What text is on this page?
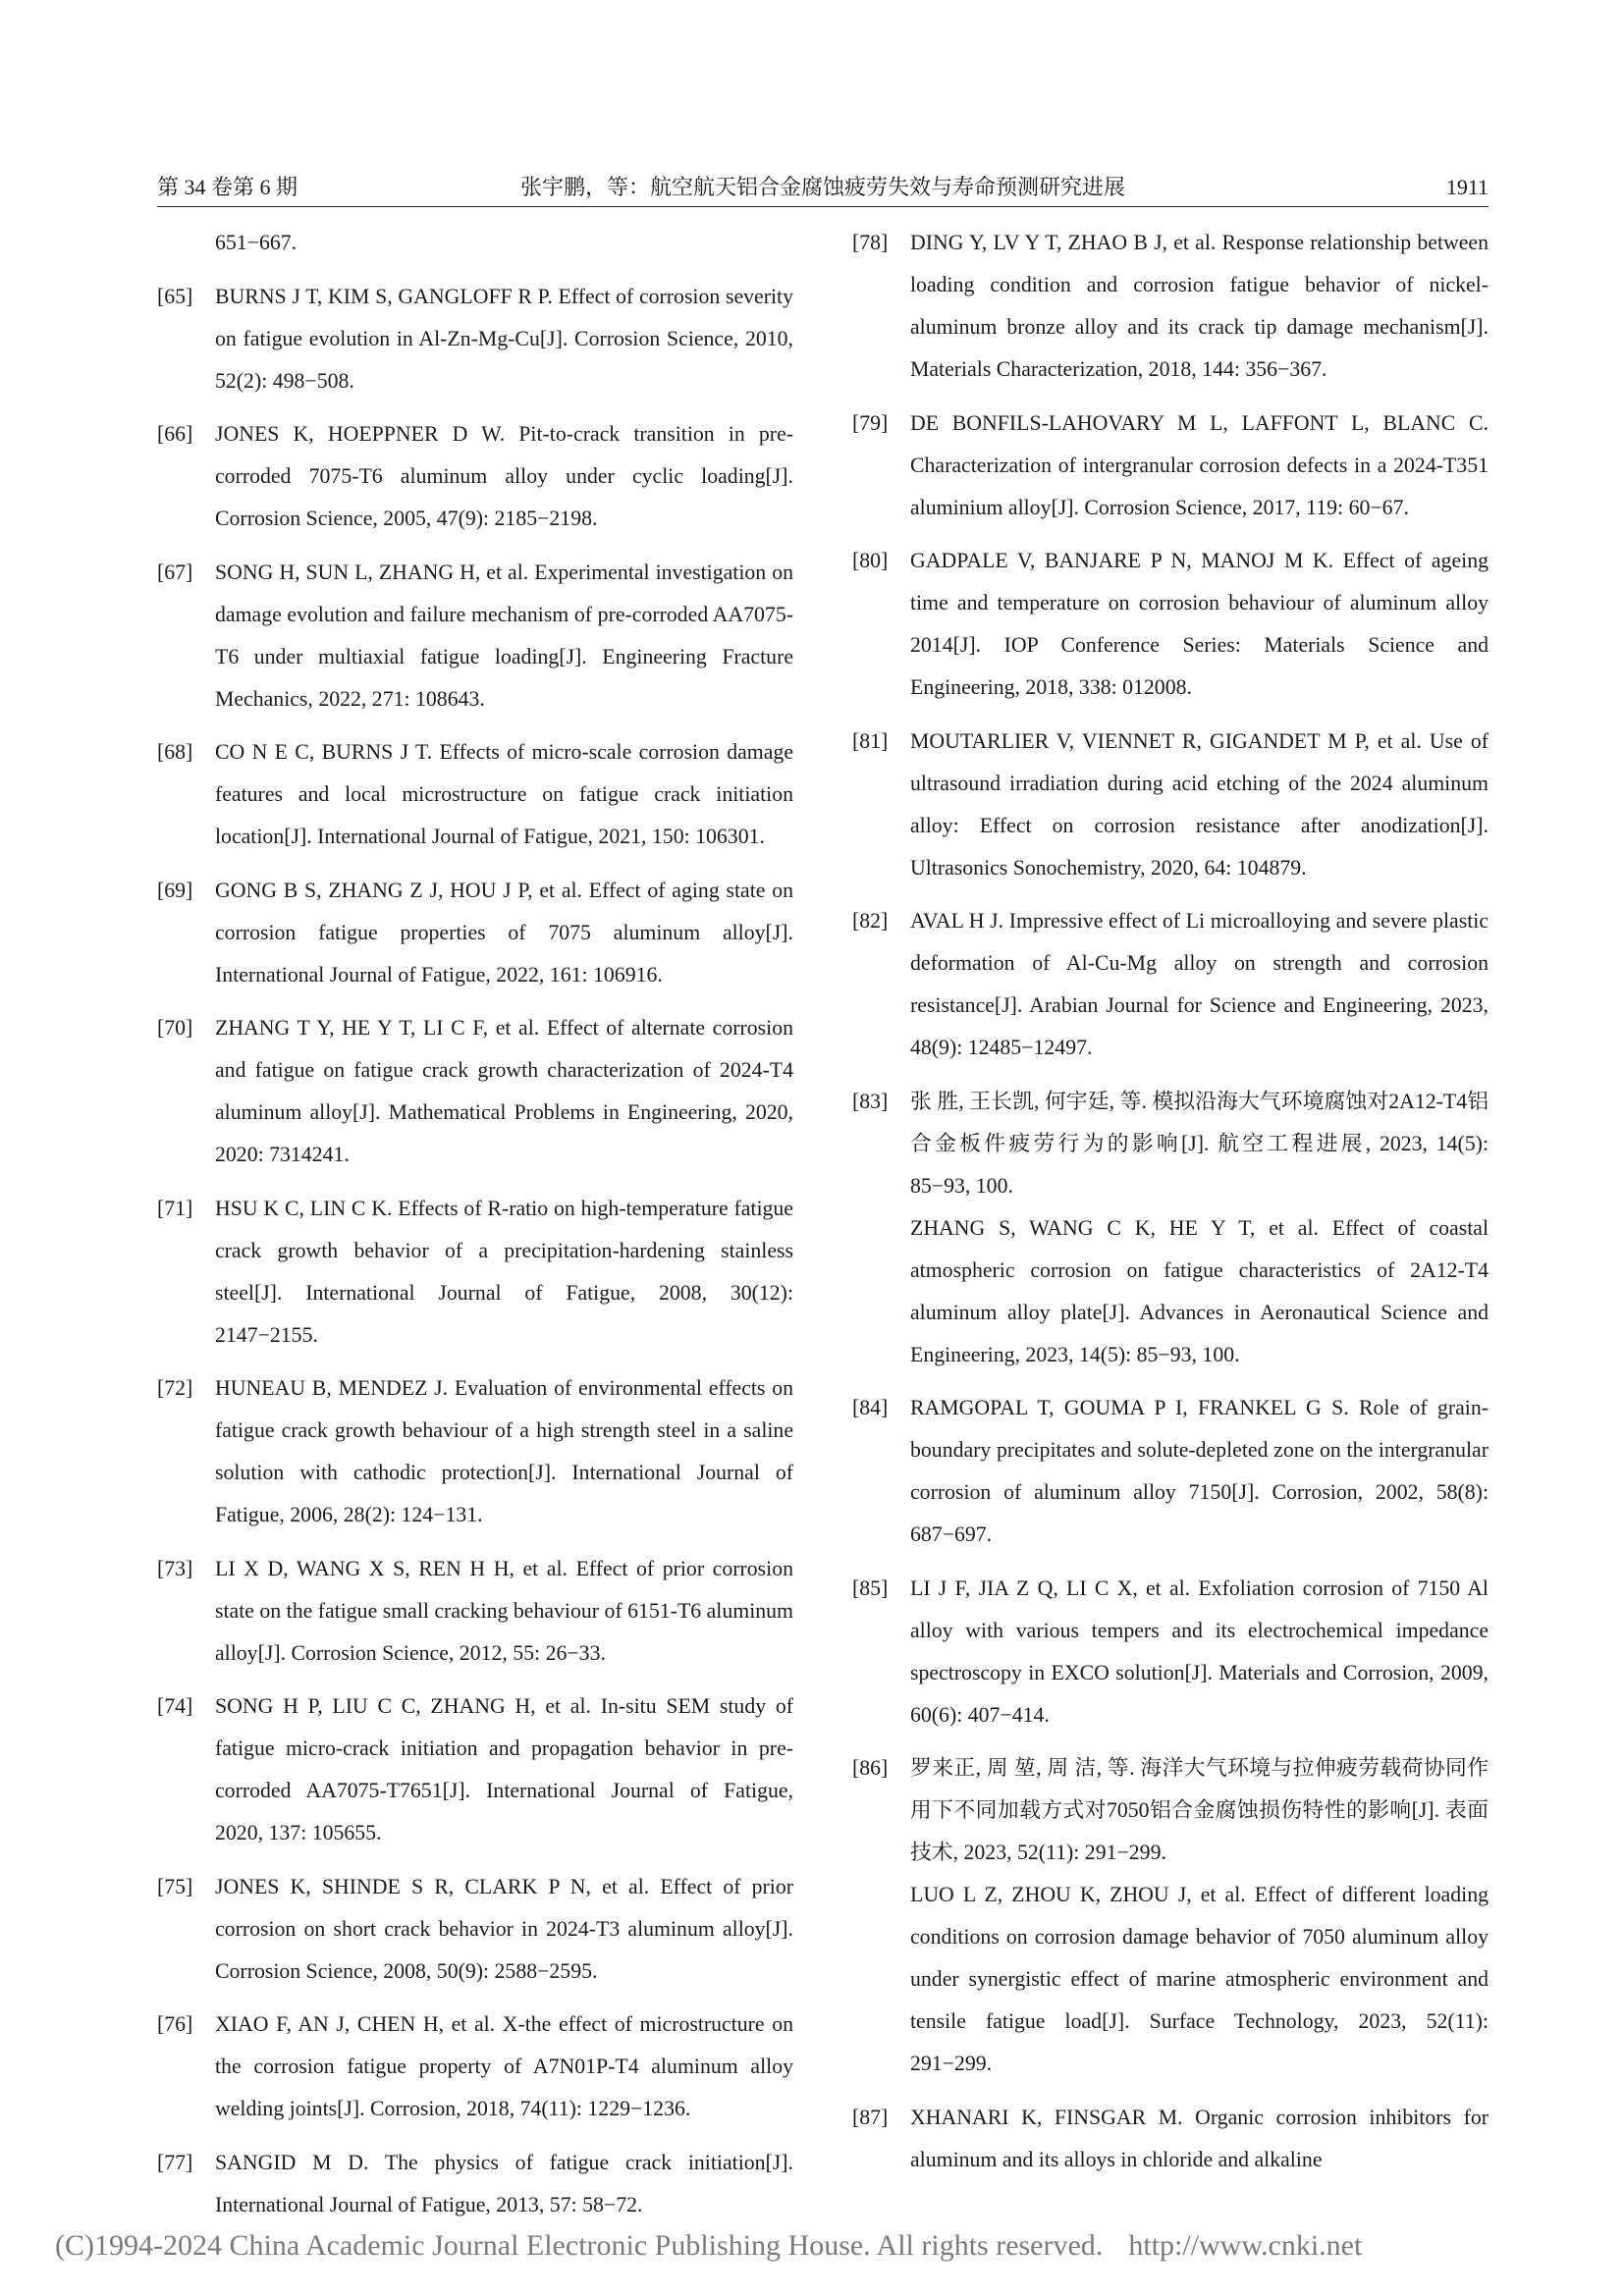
第 34 卷第 6 期	张宇鹏，等：航空航天铝合金腐蚀疲劳失效与寿命预测研究进展	1911

651−667.

[65] BURNS J T, KIM S, GANGLOFF R P. Effect of corrosion severity on fatigue evolution in Al-Zn-Mg-Cu[J]. Corrosion Science, 2010, 52(2): 498−508.

[66] JONES K, HOEPPNER D W. Pit-to-crack transition in pre-corroded 7075-T6 aluminum alloy under cyclic loading[J]. Corrosion Science, 2005, 47(9): 2185−2198.

[67] SONG H, SUN L, ZHANG H, et al. Experimental investigation on damage evolution and failure mechanism of pre-corroded AA7075-T6 under multiaxial fatigue loading[J]. Engineering Fracture Mechanics, 2022, 271: 108643.

[68] CO N E C, BURNS J T. Effects of micro-scale corrosion damage features and local microstructure on fatigue crack initiation location[J]. International Journal of Fatigue, 2021, 150: 106301.

[69] GONG B S, ZHANG Z J, HOU J P, et al. Effect of aging state on corrosion fatigue properties of 7075 aluminum alloy[J]. International Journal of Fatigue, 2022, 161: 106916.

[70] ZHANG T Y, HE Y T, LI C F, et al. Effect of alternate corrosion and fatigue on fatigue crack growth characterization of 2024-T4 aluminum alloy[J]. Mathematical Problems in Engineering, 2020, 2020: 7314241.

[71] HSU K C, LIN C K. Effects of R-ratio on high-temperature fatigue crack growth behavior of a precipitation-hardening stainless steel[J]. International Journal of Fatigue, 2008, 30(12): 2147−2155.

[72] HUNEAU B, MENDEZ J. Evaluation of environmental effects on fatigue crack growth behaviour of a high strength steel in a saline solution with cathodic protection[J]. International Journal of Fatigue, 2006, 28(2): 124−131.

[73] LI X D, WANG X S, REN H H, et al. Effect of prior corrosion state on the fatigue small cracking behaviour of 6151-T6 aluminum alloy[J]. Corrosion Science, 2012, 55: 26−33.

[74] SONG H P, LIU C C, ZHANG H, et al. In-situ SEM study of fatigue micro-crack initiation and propagation behavior in pre-corroded AA7075-T7651[J]. International Journal of Fatigue, 2020, 137: 105655.

[75] JONES K, SHINDE S R, CLARK P N, et al. Effect of prior corrosion on short crack behavior in 2024-T3 aluminum alloy[J]. Corrosion Science, 2008, 50(9): 2588−2595.

[76] XIAO F, AN J, CHEN H, et al. X-the effect of microstructure on the corrosion fatigue property of A7N01P-T4 aluminum alloy welding joints[J]. Corrosion, 2018, 74(11): 1229−1236.

[77] SANGID M D. The physics of fatigue crack initiation[J]. International Journal of Fatigue, 2013, 57: 58−72.

[78] DING Y, LV Y T, ZHAO B J, et al. Response relationship between loading condition and corrosion fatigue behavior of nickel-aluminum bronze alloy and its crack tip damage mechanism[J]. Materials Characterization, 2018, 144: 356−367.

[79] DE BONFILS-LAHOVARY M L, LAFFONT L, BLANC C. Characterization of intergranular corrosion defects in a 2024-T351 aluminium alloy[J]. Corrosion Science, 2017, 119: 60−67.

[80] GADPALE V, BANJARE P N, MANOJ M K. Effect of ageing time and temperature on corrosion behaviour of aluminum alloy 2014[J]. IOP Conference Series: Materials Science and Engineering, 2018, 338: 012008.

[81] MOUTARLIER V, VIENNET R, GIGANDET M P, et al. Use of ultrasound irradiation during acid etching of the 2024 aluminum alloy: Effect on corrosion resistance after anodization[J]. Ultrasonics Sonochemistry, 2020, 64: 104879.

[82] AVAL H J. Impressive effect of Li microalloying and severe plastic deformation of Al-Cu-Mg alloy on strength and corrosion resistance[J]. Arabian Journal for Science and Engineering, 2023, 48(9): 12485−12497.

[83] 张 胜, 王长凯, 何宇廷, 等. 模拟沿海大气环境腐蚀对2A12-T4铝合金板件疲劳行为的影响[J]. 航空工程进展, 2023, 14(5): 85−93, 100.
ZHANG S, WANG C K, HE Y T, et al. Effect of coastal atmospheric corrosion on fatigue characteristics of 2A12-T4 aluminum alloy plate[J]. Advances in Aeronautical Science and Engineering, 2023, 14(5): 85−93, 100.

[84] RAMGOPAL T, GOUMA P I, FRANKEL G S. Role of grain-boundary precipitates and solute-depleted zone on the intergranular corrosion of aluminum alloy 7150[J]. Corrosion, 2002, 58(8): 687−697.

[85] LI J F, JIA Z Q, LI C X, et al. Exfoliation corrosion of 7150 Al alloy with various tempers and its electrochemical impedance spectroscopy in EXCO solution[J]. Materials and Corrosion, 2009, 60(6): 407−414.

[86] 罗来正, 周 堃, 周 洁, 等. 海洋大气环境与拉伸疲劳载荷协同作用下不同加载方式对7050铝合金腐蚀损伤特性的影响[J]. 表面技术, 2023, 52(11): 291−299.
LUO L Z, ZHOU K, ZHOU J, et al. Effect of different loading conditions on corrosion damage behavior of 7050 aluminum alloy under synergistic effect of marine atmospheric environment and tensile fatigue load[J]. Surface Technology, 2023, 52(11): 291−299.

[87] XHANARI K, FINSGAR M. Organic corrosion inhibitors for aluminum and its alloys in chloride and alkaline

(C)1994-2024 China Academic Journal Electronic Publishing House. All rights reserved. http://www.cnki.net
